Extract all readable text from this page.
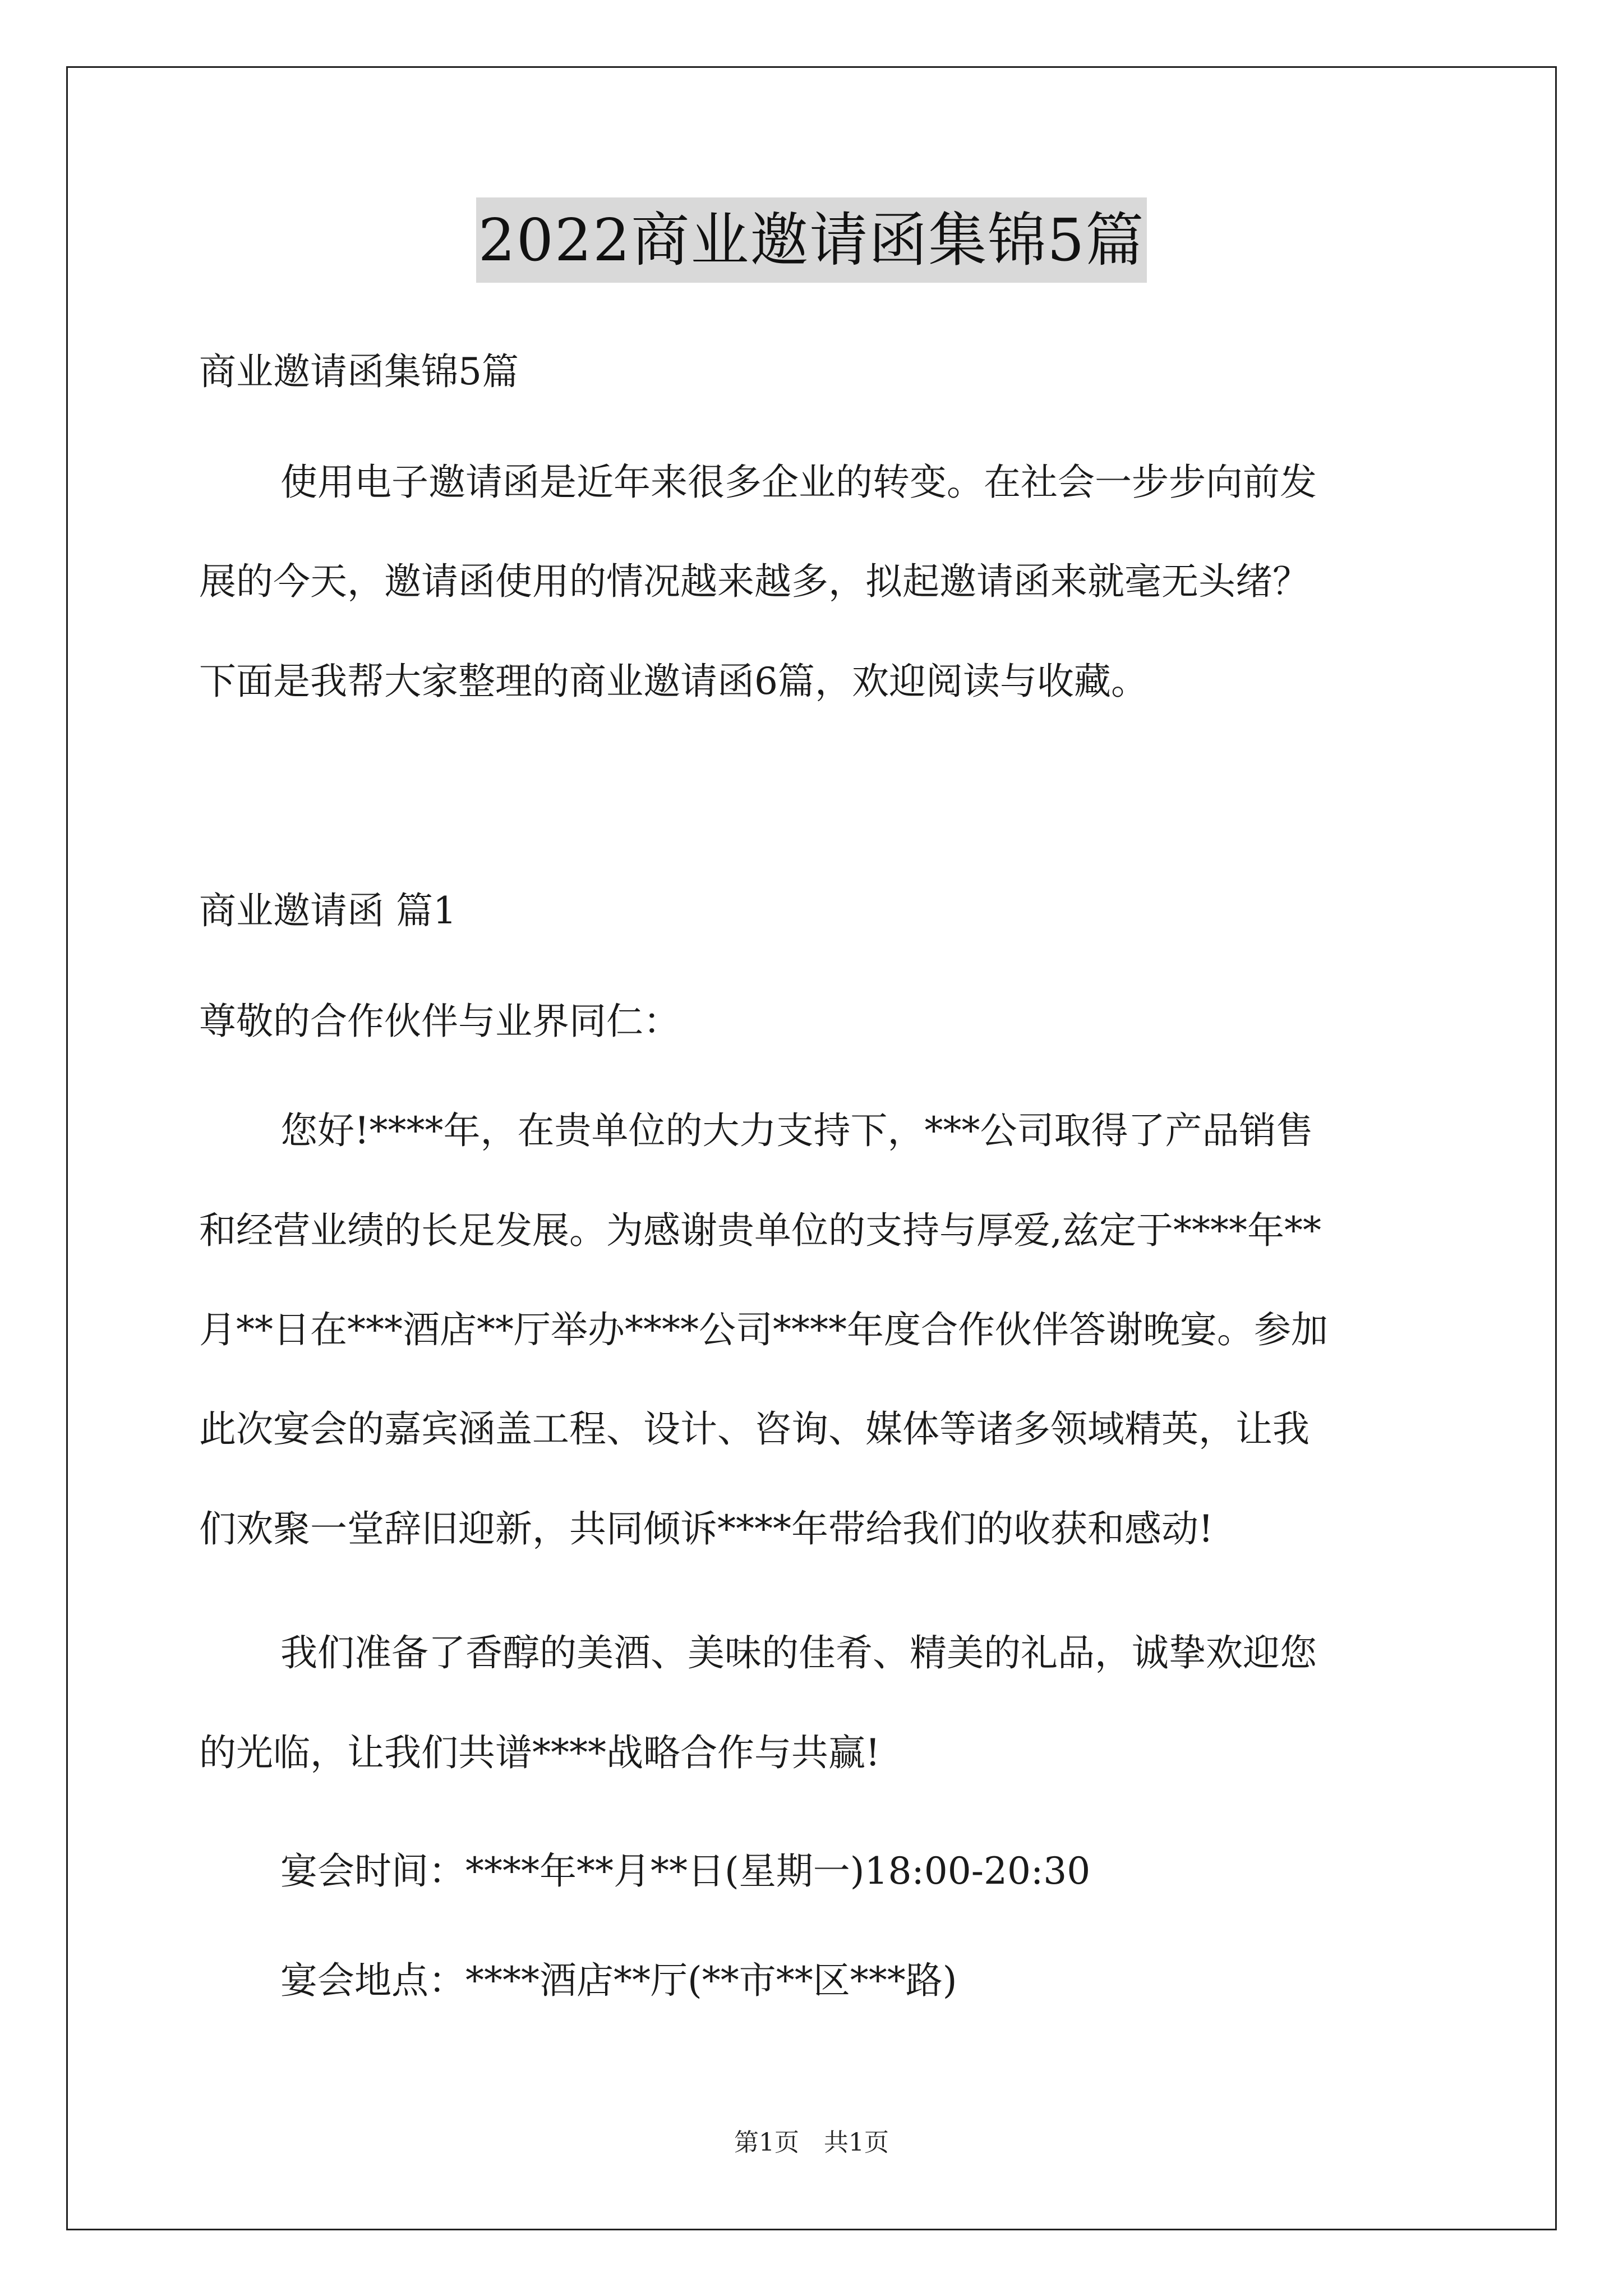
2022商业邀请函集锦5篇
商业邀请函集锦5篇
使用电子邀请函是近年来很多企业的转变。在社会一步步向前发
展的今天，邀请函使用的情况越来越多，拟起邀请函来就毫无头绪？
下面是我帮大家整理的商业邀请函6篇，欢迎阅读与收藏。
商业邀请函 篇1
尊敬的合作伙伴与业界同仁：
您好!****年，在贵单位的大力支持下，***公司取得了产品销售
和经营业绩的长足发展。为感谢贵单位的支持与厚爱,兹定于****年**
月**日在***酒店**厅举办****公司****年度合作伙伴答谢晚宴。参加
此次宴会的嘉宾涵盖工程、设计、咨询、媒体等诸多领域精英，让我
们欢聚一堂辞旧迎新，共同倾诉****年带给我们的收获和感动!
我们准备了香醇的美酒、美味的佳肴、精美的礼品，诚挚欢迎您
的光临，让我们共谱****战略合作与共赢!
宴会时间：****年**月**日(星期一)18:00-20:30
宴会地点：****酒店**厅(**市**区***路)
第1页　共1页
